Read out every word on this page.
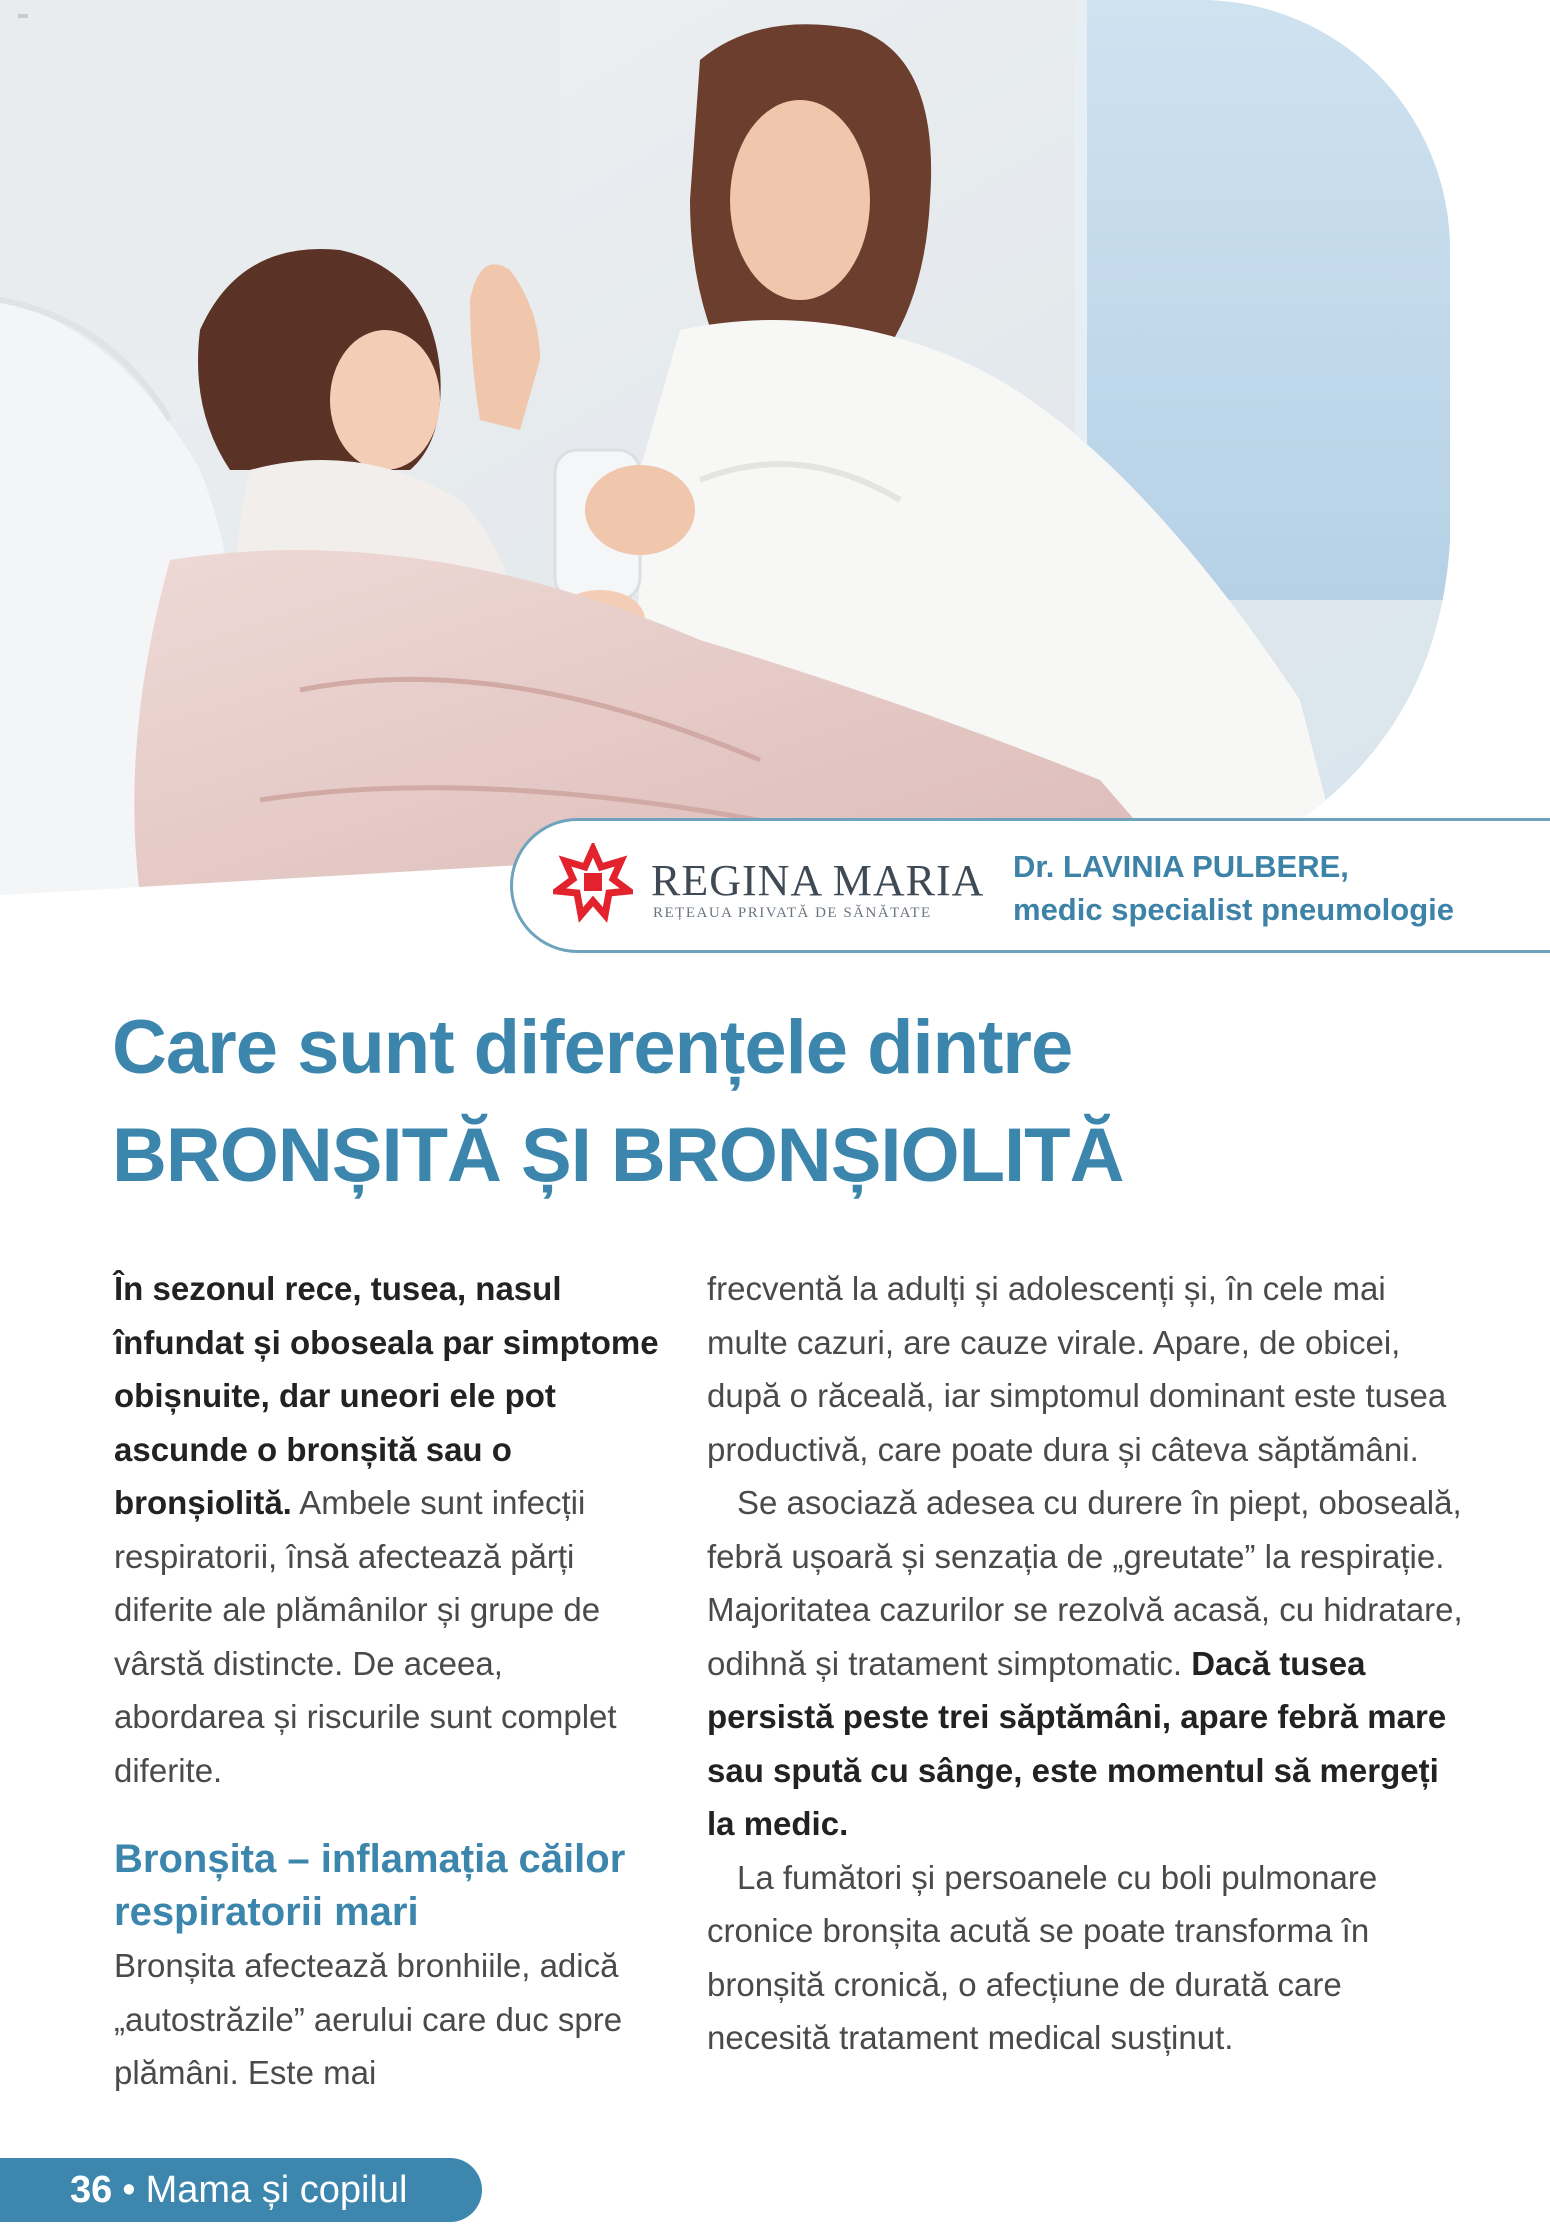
REGINA MARIA
REȚEAUA PRIVATĂ DE SĂNĂTATE
Dr. LAVINIA PULBERE,
medic specialist pneumologie
Care sunt diferențele dintre
BRONȘITĂ ȘI BRONȘIOLITĂ

În sezonul rece, tusea, nasul înfundat și oboseala par simptome obișnuite, dar uneori ele pot ascunde o bronșită sau o bronșiolită. Ambele sunt infecții respiratorii, însă afectează părți diferite ale plămânilor și grupe de vârstă distincte. De aceea, abordarea și riscurile sunt complet diferite.

Bronșita – inflamația căilor respiratorii mari

Bronșita afectează bronhiile, adică „autostrăzile” aerului care duc spre plămâni. Este mai

frecventă la adulți și adolescenți și, în cele mai multe cazuri, are cauze virale. Apare, de obicei, după o răceală, iar simptomul dominant este tusea productivă, care poate dura și câteva săptămâni.

Se asociază adesea cu durere în piept, oboseală, febră ușoară și senzația de „greutate” la respirație. Majoritatea cazurilor se rezolvă acasă, cu hidratare, odihnă și tratament simptomatic. Dacă tusea persistă peste trei săptămâni, apare febră mare sau spută cu sânge, este momentul să mergeți la medic.

La fumători și persoanele cu boli pulmonare cronice bronșita acută se poate transforma în bronșită cronică, o afecțiune de durată care necesită tratament medical susținut.

36 • Mama și copilul
